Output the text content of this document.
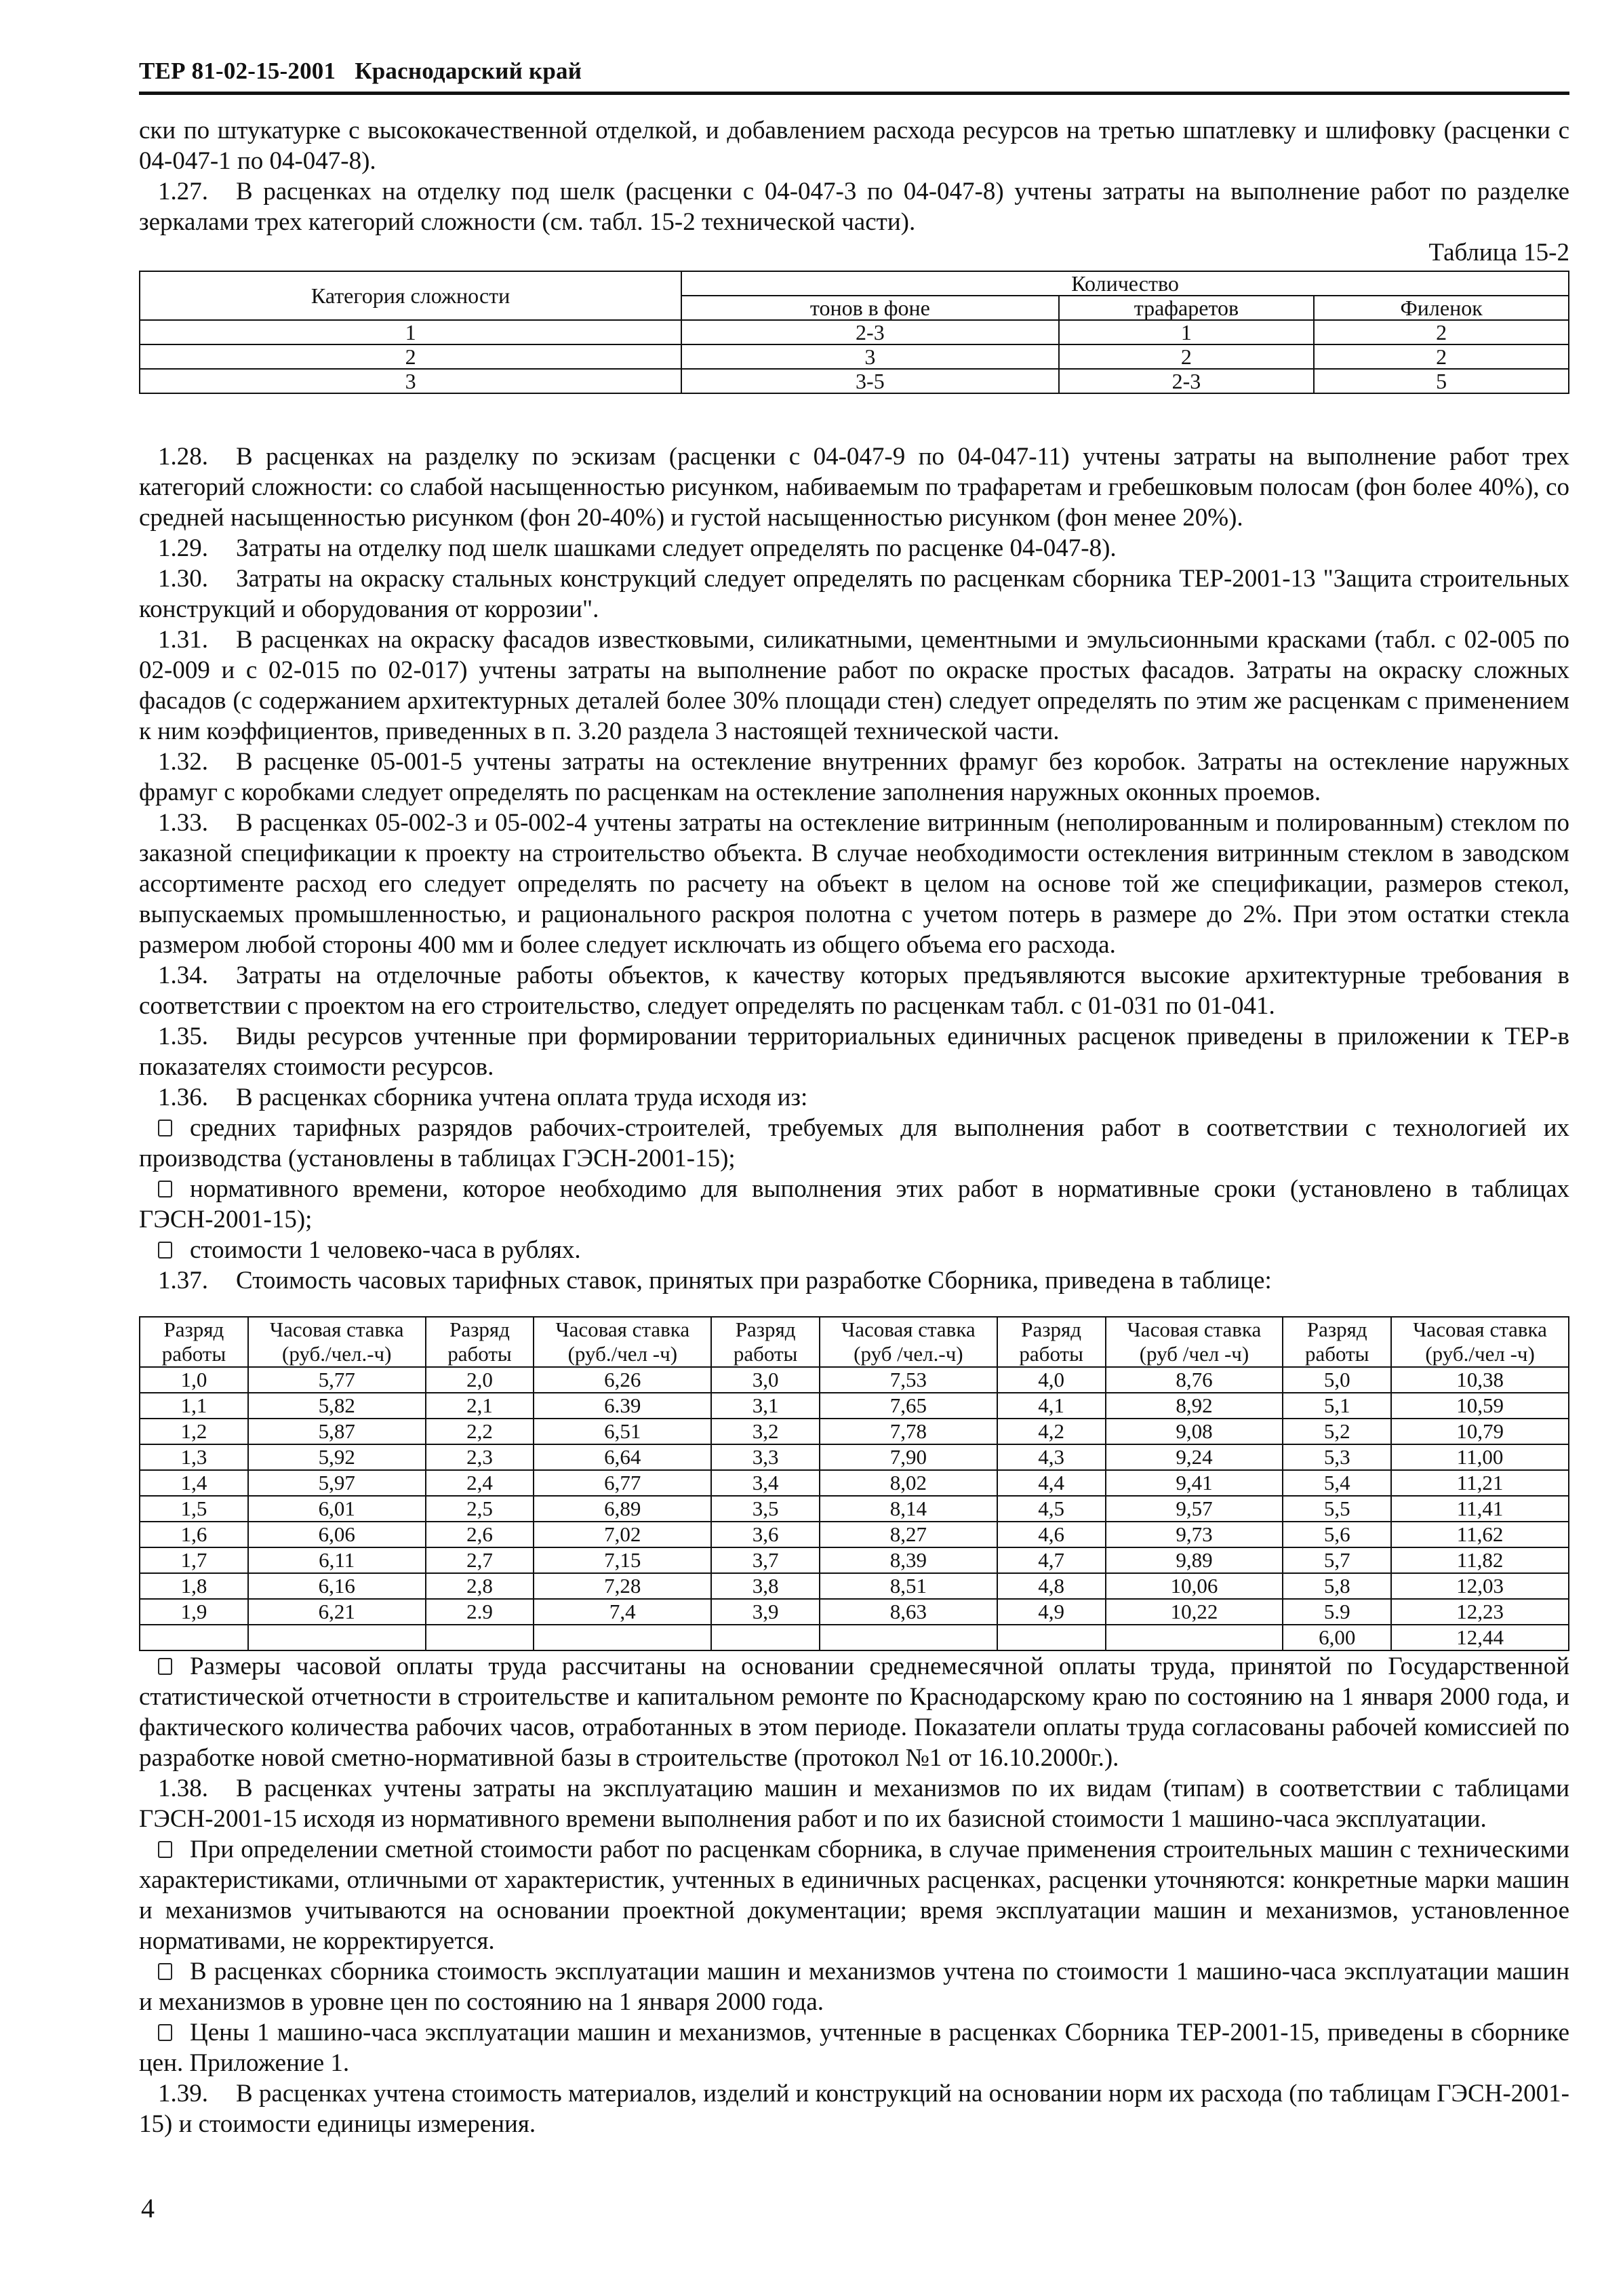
ТЕР 81-02-15-2001 Краснодарский край

ски по штукатурке с высококачественной отделкой, и добавлением расхода ресурсов на третью шпатлевку и шлифовку (расценки с 04-047-1 по 04-047-8).

1.27. В расценках на отделку под шелк (расценки с 04-047-3 по 04-047-8) учтены затраты на выполнение работ по разделке зеркалами трех категорий сложности (см. табл. 15-2 технической части).

Таблица 15-2

Категория сложности	Количество		
	тонов в фоне	трафаретов	Филенок
1	2-3	1	2
2	3	2	2
3	3-5	2-3	5

1.28. В расценках на разделку по эскизам (расценки с 04-047-9 по 04-047-11) учтены затраты на выполнение работ трех категорий сложности: со слабой насыщенностью рисунком, набиваемым по трафаретам и гребешковым полосам (фон более 40%), со средней насыщенностью рисунком (фон 20-40%) и густой насыщенностью рисунком (фон менее 20%).

1.29. Затраты на отделку под шелк шашками следует определять по расценке 04-047-8).

1.30. Затраты на окраску стальных конструкций следует определять по расценкам сборника ТЕР-2001-13 "Защита строительных конструкций и оборудования от коррозии".

1.31. В расценках на окраску фасадов известковыми, силикатными, цементными и эмульсионными красками (табл. с 02-005 по 02-009 и с 02-015 по 02-017) учтены затраты на выполнение работ по окраске простых фасадов. Затраты на окраску сложных фасадов (с содержанием архитектурных деталей более 30% площади стен) следует определять по этим же расценкам с применением к ним коэффициентов, приведенных в п. 3.20 раздела 3 настоящей технической части.

1.32. В расценке 05-001-5 учтены затраты на остекление внутренних фрамуг без коробок. Затраты на остекление наружных фрамуг с коробками следует определять по расценкам на остекление заполнения наружных оконных проемов.

1.33. В расценках 05-002-3 и 05-002-4 учтены затраты на остекление витринным (неполированным и полированным) стеклом по заказной спецификации к проекту на строительство объекта. В случае необходимости остекления витринным стеклом в заводском ассортименте расход его следует определять по расчету на объект в целом на основе той же спецификации, размеров стекол, выпускаемых промышленностью, и рационального раскроя полотна с учетом потерь в размере до 2%. При этом остатки стекла размером любой стороны 400 мм и более следует исключать из общего объема его расхода.

1.34. Затраты на отделочные работы объектов, к качеству которых предъявляются высокие архитектурные требования в соответствии с проектом на его строительство, следует определять по расценкам табл. с 01-031 по 01-041.

1.35. Виды ресурсов учтенные при формировании территориальных единичных расценок приведены в приложении к ТЕР-в показателях стоимости ресурсов.

1.36. В расценках сборника учтена оплата труда исходя из:

средних тарифных разрядов рабочих-строителей, требуемых для выполнения работ в соответствии с технологией их производства (установлены в таблицах ГЭСН-2001-15);

нормативного времени, которое необходимо для выполнения этих работ в нормативные сроки (установлено в таблицах ГЭСН-2001-15);

стоимости 1 человеко-часа в рублях.

1.37. Стоимость часовых тарифных ставок, принятых при разработке Сборника, приведена в таблице:

Разряд	Часовая ставка	Разряд	Часовая ставка	Разряд	Часовая ставка	Разряд	Часовая ставка	Разряд	Часовая ставка
работы	(руб./чел.-ч)	работы	(руб./чел -ч)	работы	(руб /чел.-ч)	работы	(руб /чел -ч)	работы	(руб./чел -ч)
1,0	5,77	2,0	6,26	3,0	7,53	4,0	8,76	5,0	10,38
1,1	5,82	2,1	6.39	3,1	7,65	4,1	8,92	5,1	10,59
1,2	5,87	2,2	6,51	3,2	7,78	4,2	9,08	5,2	10,79
1,3	5,92	2,3	6,64	3,3	7,90	4,3	9,24	5,3	11,00
1,4	5,97	2,4	6,77	3,4	8,02	4,4	9,41	5,4	11,21
1,5	6,01	2,5	6,89	3,5	8,14	4,5	9,57	5,5	11,41
1,6	6,06	2,6	7,02	3,6	8,27	4,6	9,73	5,6	11,62
1,7	6,11	2,7	7,15	3,7	8,39	4,7	9,89	5,7	11,82
1,8	6,16	2,8	7,28	3,8	8,51	4,8	10,06	5,8	12,03
1,9	6,21	2.9	7,4	3,9	8,63	4,9	10,22	5.9	12,23
								6,00	12,44

Размеры часовой оплаты труда рассчитаны на основании среднемесячной оплаты труда, принятой по Государственной статистической отчетности в строительстве и капитальном ремонте по Краснодарскому краю по состоянию на 1 января 2000 года, и фактического количества рабочих часов, отработанных в этом периоде. Показатели оплаты труда согласованы рабочей комиссией по разработке новой сметно-нормативной базы в строительстве (протокол №1 от 16.10.2000г.).

1.38. В расценках учтены затраты на эксплуатацию машин и механизмов по их видам (типам) в соответствии с таблицами ГЭСН-2001-15 исходя из нормативного времени выполнения работ и по их базисной стоимости 1 машино-часа эксплуатации.

При определении сметной стоимости работ по расценкам сборника, в случае применения строительных машин с техническими характеристиками, отличными от характеристик, учтенных в единичных расценках, расценки уточняются: конкретные марки машин и механизмов учитываются на основании проектной документации; время эксплуатации машин и механизмов, установленное нормативами, не корректируется.

В расценках сборника стоимость эксплуатации машин и механизмов учтена по стоимости 1 машино-часа эксплуатации машин и механизмов в уровне цен по состоянию на 1 января 2000 года.

Цены 1 машино-часа эксплуатации машин и механизмов, учтенные в расценках Сборника ТЕР-2001-15, приведены в сборнике цен. Приложение 1.

1.39. В расценках учтена стоимость материалов, изделий и конструкций на основании норм их расхода (по таблицам ГЭСН-2001-15) и стоимости единицы измерения.

4
